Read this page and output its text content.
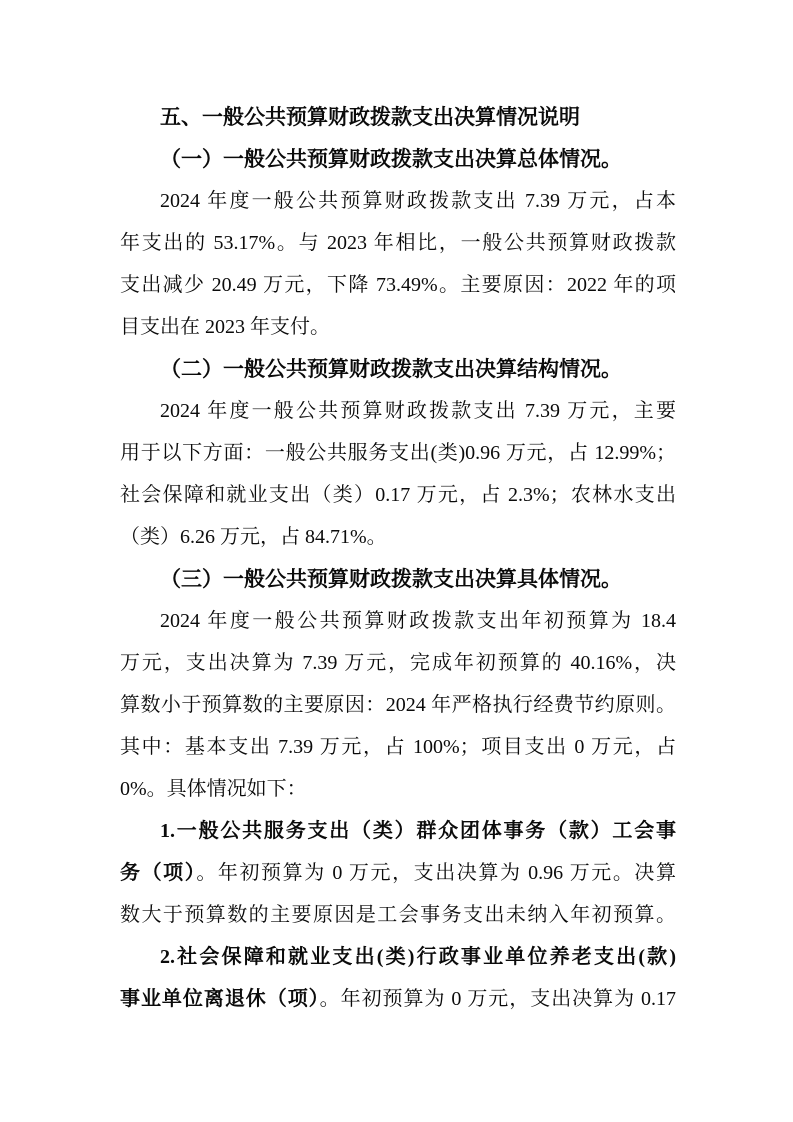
五、一般公共预算财政拨款支出决算情况说明
（一）一般公共预算财政拨款支出决算总体情况。
2024 年度一般公共预算财政拨款支出 7.39 万元，占本
年支出的 53.17%。与 2023 年相比，一般公共预算财政拨款
支出减少 20.49 万元，下降 73.49%。主要原因：2022 年的项
目支出在 2023 年支付。
（二）一般公共预算财政拨款支出决算结构情况。
2024 年度一般公共预算财政拨款支出 7.39 万元，主要
用于以下方面：一般公共服务支出(类)0.96 万元，占 12.99%；
社会保障和就业支出（类）0.17 万元，占 2.3%；农林水支出
（类）6.26 万元，占 84.71%。
（三）一般公共预算财政拨款支出决算具体情况。
2024 年度一般公共预算财政拨款支出年初预算为 18.4
万元，支出决算为 7.39 万元，完成年初预算的 40.16%，决
算数小于预算数的主要原因：2024 年严格执行经费节约原则。
其中：基本支出 7.39 万元，占 100%；项目支出 0 万元，占
0%。具体情况如下：
1.一般公共服务支出（类）群众团体事务（款）工会事
务（项）。年初预算为 0 万元，支出决算为 0.96 万元。决算
数大于预算数的主要原因是工会事务支出未纳入年初预算。
2.社会保障和就业支出(类)行政事业单位养老支出(款)
事业单位离退休（项）。年初预算为 0 万元，支出决算为 0.17
